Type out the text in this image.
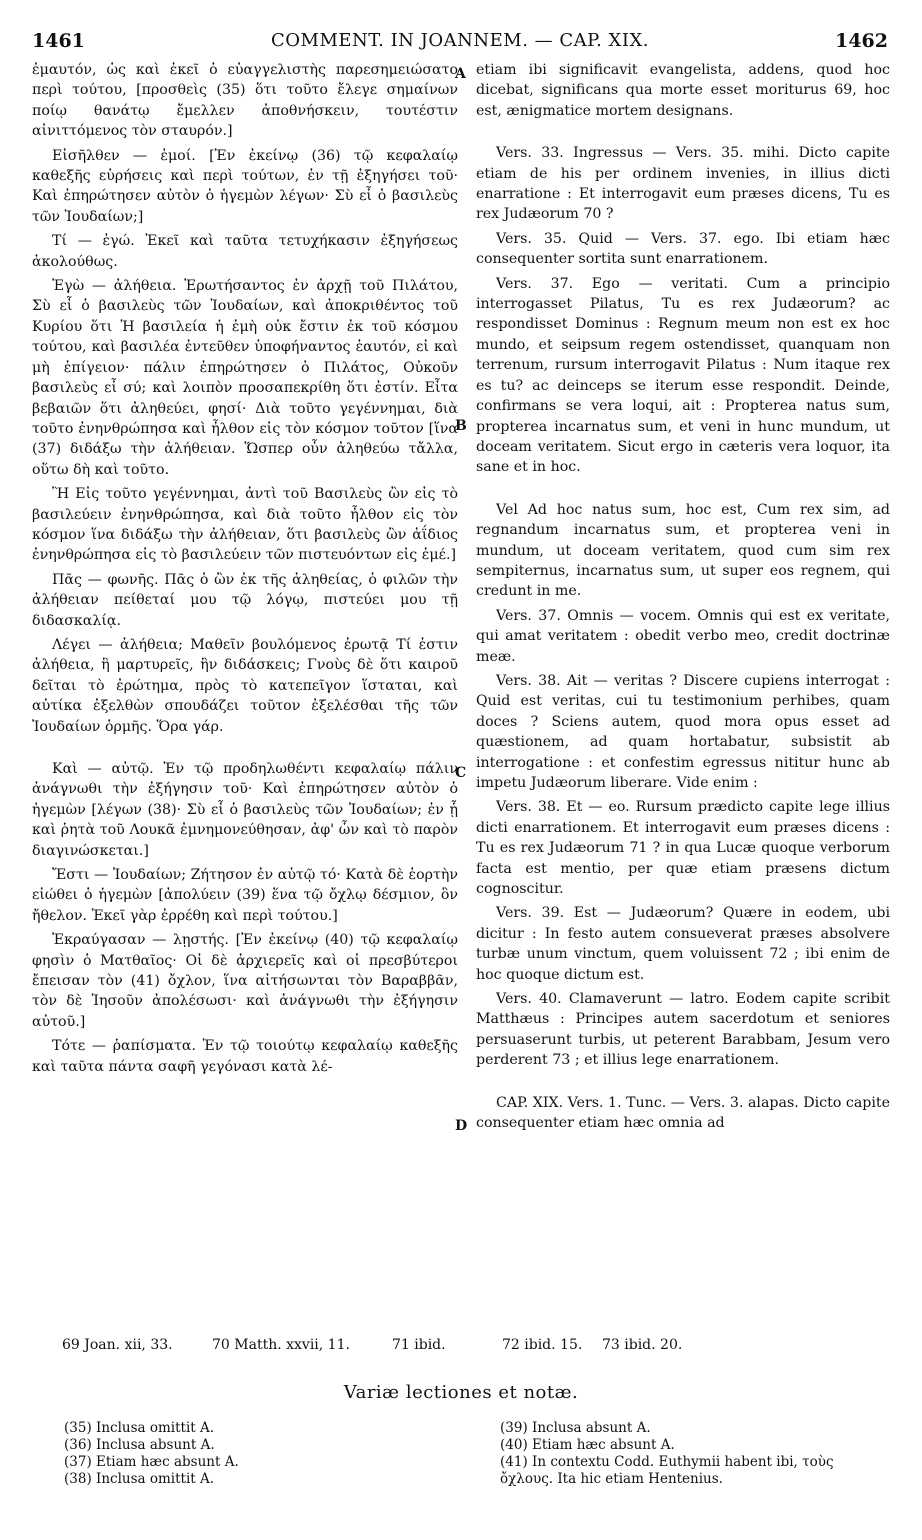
1461	COMMENT. IN JOANNEM. — CAP. XIX.	1462

ἐμαυτόν, ὡς καὶ ἐκεῖ ὁ εὐαγγελιστὴς παρεσημειώσατο περὶ τούτου, [προσθεὶς (35) ὅτι τοῦτο ἔλεγε σημαίνων ποίῳ θανάτῳ ἔμελλεν ἀποθνήσκειν, τουτέστιν αἰνιττόμενος τὸν σταυρόν.]

Εἰσῆλθεν — ἐμοί. [Ἐν ἐκείνῳ (36) τῷ κεφαλαίῳ καθεξῆς εὑρήσεις καὶ περὶ τούτων, ἐν τῇ ἐξηγήσει τοῦ· Καὶ ἐπηρώτησεν αὐτὸν ὁ ἡγεμὼν λέγων· Σὺ εἶ ὁ βασιλεὺς τῶν Ἰουδαίων;]

Τί — ἐγώ. Ἐκεῖ καὶ ταῦτα τετυχήκασιν ἐξηγήσεως ἀκολούθως.

Ἐγὼ — ἀλήθεια. Ἐρωτήσαντος ἐν ἀρχῇ τοῦ Πιλάτου, Σὺ εἶ ὁ βασιλεὺς τῶν Ἰουδαίων, καὶ ἀποκριθέντος τοῦ Κυρίου ὅτι Ἡ βασιλεία ἡ ἐμὴ οὐκ ἔστιν ἐκ τοῦ κόσμου τούτου, καὶ βασιλέα ἐντεῦθεν ὑποφήναντος ἑαυτόν, εἰ καὶ μὴ ἐπίγειον· πάλιν ἐπηρώτησεν ὁ Πιλάτος, Οὐκοῦν βασιλεὺς εἶ σύ; καὶ λοιπὸν προσαπεκρίθη ὅτι ἐστίν. Εἶτα βεβαιῶν ὅτι ἀληθεύει, φησί· Διὰ τοῦτο γεγέννημαι, διὰ τοῦτο ἐνηνθρώπησα καὶ ἦλθον εἰς τὸν κόσμον τοῦτον [ἵνα (37) διδάξω τὴν ἀλήθειαν. Ὥσπερ οὖν ἀληθεύω τἄλλα, οὕτω δὴ καὶ τοῦτο.

Ἢ Εἰς τοῦτο γεγέννημαι, ἀντὶ τοῦ Βασιλεὺς ὢν εἰς τὸ βασιλεύειν ἐνηνθρώπησα, καὶ διὰ τοῦτο ἦλθον εἰς τὸν κόσμον ἵνα διδάξω τὴν ἀλήθειαν, ὅτι βασιλεὺς ὢν ἀΐδιος ἐνηνθρώπησα εἰς τὸ βασιλεύειν τῶν πιστευόντων εἰς ἐμέ.]

Πᾶς — φωνῆς. Πᾶς ὁ ὢν ἐκ τῆς ἀληθείας, ὁ φιλῶν τὴν ἀλήθειαν πείθεταί μου τῷ λόγῳ, πιστεύει μου τῇ διδασκαλίᾳ.

Λέγει — ἀλήθεια; Μαθεῖν βουλόμενος ἐρωτᾷ Τί ἐστιν ἀλήθεια, ἣ μαρτυρεῖς, ἣν διδάσκεις; Γνοὺς δὲ ὅτι καιροῦ δεῖται τὸ ἐρώτημα, πρὸς τὸ κατεπεῖγον ἵσταται, καὶ αὐτίκα ἐξελθὼν σπουδάζει τοῦτον ἐξελέσθαι τῆς τῶν Ἰουδαίων ὁρμῆς. Ὅρα γάρ.

Καὶ — αὐτῷ. Ἐν τῷ προδηλωθέντι κεφαλαίῳ πάλιν ἀνάγνωθι τὴν ἐξήγησιν τοῦ· Καὶ ἐπηρώτησεν αὐτὸν ὁ ἡγεμὼν [λέγων (38)· Σὺ εἶ ὁ βασιλεὺς τῶν Ἰουδαίων; ἐν ᾗ καὶ ῥητὰ τοῦ Λουκᾶ ἐμνημονεύθησαν, ἀφ' ὧν καὶ τὸ παρὸν διαγινώσκεται.]

Ἔστι — Ἰουδαίων; Ζήτησον ἐν αὐτῷ τό· Κατὰ δὲ ἑορτὴν εἰώθει ὁ ἡγεμὼν [ἀπολύειν (39) ἕνα τῷ ὄχλῳ δέσμιον, ὃν ἤθελον. Ἐκεῖ γὰρ ἐρρέθη καὶ περὶ τούτου.]

Ἐκραύγασαν — λῃστής. [Ἐν ἐκείνῳ (40) τῷ κεφαλαίῳ φησὶν ὁ Ματθαῖος· Οἱ δὲ ἀρχιερεῖς καὶ οἱ πρεσβύτεροι ἔπεισαν τὸν (41) ὄχλον, ἵνα αἰτήσωνται τὸν Βαραββᾶν, τὸν δὲ Ἰησοῦν ἀπολέσωσι· καὶ ἀνάγνωθι τὴν ἐξήγησιν αὐτοῦ.]

Τότε — ῥαπίσματα. Ἐν τῷ τοιούτῳ κεφαλαίῳ καθεξῆς καὶ ταῦτα πάντα σαφῆ γεγόνασι κατὰ λέ-

A
B
C
D

etiam ibi significavit evangelista, addens, quod hoc dicebat, significans qua morte esset moriturus 69, hoc est, ænigmatice mortem designans.

Vers. 33. Ingressus — Vers. 35. mihi. Dicto capite etiam de his per ordinem invenies, in illius dicti enarratione : Et interrogavit eum præses dicens, Tu es rex Judæorum 70 ?

Vers. 35. Quid — Vers. 37. ego. Ibi etiam hæc consequenter sortita sunt enarrationem.

Vers. 37. Ego — veritati. Cum a principio interrogasset Pilatus, Tu es rex Judæorum? ac respondisset Dominus : Regnum meum non est ex hoc mundo, et seipsum regem ostendisset, quanquam non terrenum, rursum interrogavit Pilatus : Num itaque rex es tu? ac deinceps se iterum esse respondit. Deinde, confirmans se vera loqui, ait : Propterea natus sum, propterea incarnatus sum, et veni in hunc mundum, ut doceam veritatem. Sicut ergo in cæteris vera loquor, ita sane et in hoc.

Vel Ad hoc natus sum, hoc est, Cum rex sim, ad regnandum incarnatus sum, et propterea veni in mundum, ut doceam veritatem, quod cum sim rex sempiternus, incarnatus sum, ut super eos regnem, qui credunt in me.

Vers. 37. Omnis — vocem. Omnis qui est ex veritate, qui amat veritatem : obedit verbo meo, credit doctrinæ meæ.

Vers. 38. Ait — veritas ? Discere cupiens interrogat : Quid est veritas, cui tu testimonium perhibes, quam doces ? Sciens autem, quod mora opus esset ad quæstionem, ad quam hortabatur, subsistit ab interrogatione : et confestim egressus nititur hunc ab impetu Judæorum liberare. Vide enim :

Vers. 38. Et — eo. Rursum prædicto capite lege illius dicti enarrationem. Et interrogavit eum præses dicens : Tu es rex Judæorum 71 ? in qua Lucæ quoque verborum facta est mentio, per quæ etiam præsens dictum cognoscitur.

Vers. 39. Est — Judæorum? Quære in eodem, ubi dicitur : In festo autem consueverat præses absolvere turbæ unum vinctum, quem voluissent 72 ; ibi enim de hoc quoque dictum est.

Vers. 40. Clamaverunt — latro. Eodem capite scribit Matthæus : Principes autem sacerdotum et seniores persuaserunt turbis, ut peterent Barabbam, Jesum vero perderent 73 ; et illius lege enarrationem.

CAP. XIX. Vers. 1. Tunc. — Vers. 3. alapas. Dicto capite consequenter etiam hæc omnia ad

69 Joan. xii, 33.	70 Matth. xxvii, 11.	71 ibid.	72 ibid. 15. 73 ibid. 20.
Variæ lectiones et notæ.
(35) Inclusa omittit A.
(36) Inclusa absunt A.
(37) Etiam hæc absunt A.
(38) Inclusa omittit A.
(39) Inclusa absunt A.
(40) Etiam hæc absunt A.
(41) In contextu Codd. Euthymii habent ibi, τοὺς ὄχλους. Ita hic etiam Hentenius.
